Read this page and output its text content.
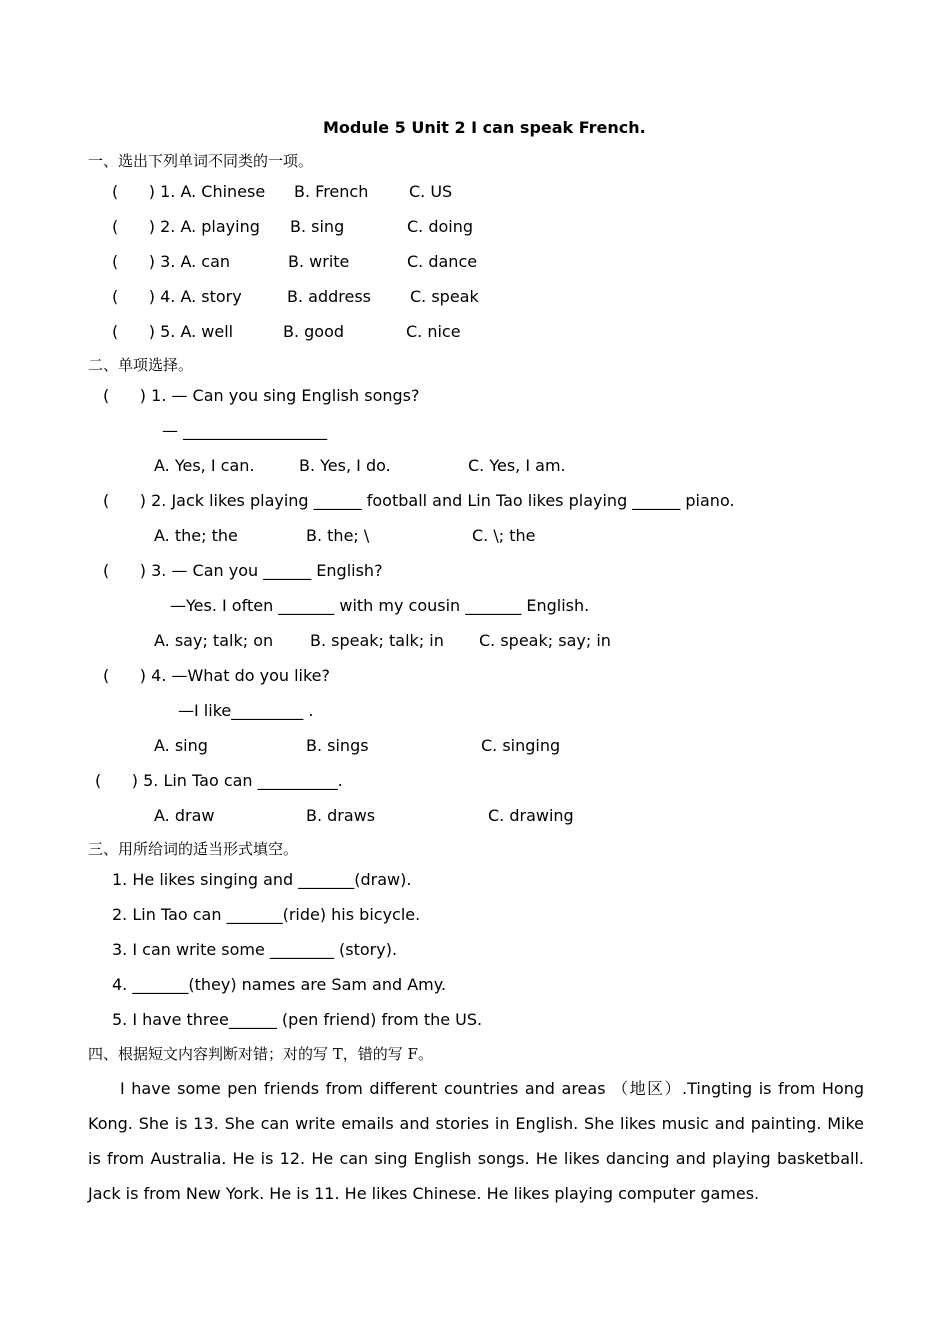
Module 5 Unit 2 I can speak French.
一、选出下列单词不同类的一项。
(      ) 1. A. Chinese B. French	C. US
(      ) 2. A. playing B. sing	C. doing
(      ) 3. A. can	B. write	C. dance
(      ) 4. A. story	B. address C. speak
(      ) 5. A. well	B. good	C. nice
二、单项选择。
(      ) 1. — Can you sing English songs?
— __________________
A. Yes, I can.	B. Yes, I do.	C. Yes, I am.
(      ) 2. Jack likes playing ______ football and Lin Tao likes playing ______ piano.
A. the; the	B. the; \	C. \; the
(      ) 3. — Can you ______ English?
—Yes. I often _______ with my cousin _______ English.
A. say; talk; on B. speak; talk; in C. speak; say; in
(      ) 4. —What do you like?
—I like_________ .
A. sing	B. sings	C. singing
(      ) 5. Lin Tao can __________.
A. draw	B. draws	C. drawing
三、用所给词的适当形式填空。
1. He likes singing and _______(draw).
2. Lin Tao can _______(ride) his bicycle.
3. I can write some ________ (story).
4. _______(they) names are Sam and Amy.
5. I have three______ (pen friend) from the US.
四、根据短文内容判断对错；对的写 T，错的写 F。
I have some pen friends from different countries and areas （地区）.Tingting is from Hong Kong. She is 13. She can write emails and stories in English. She likes music and painting. Mike is from Australia. He is 12. He can sing English songs. He likes dancing and playing basketball. Jack is from New York. He is 11. He likes Chinese. He likes playing computer games.
